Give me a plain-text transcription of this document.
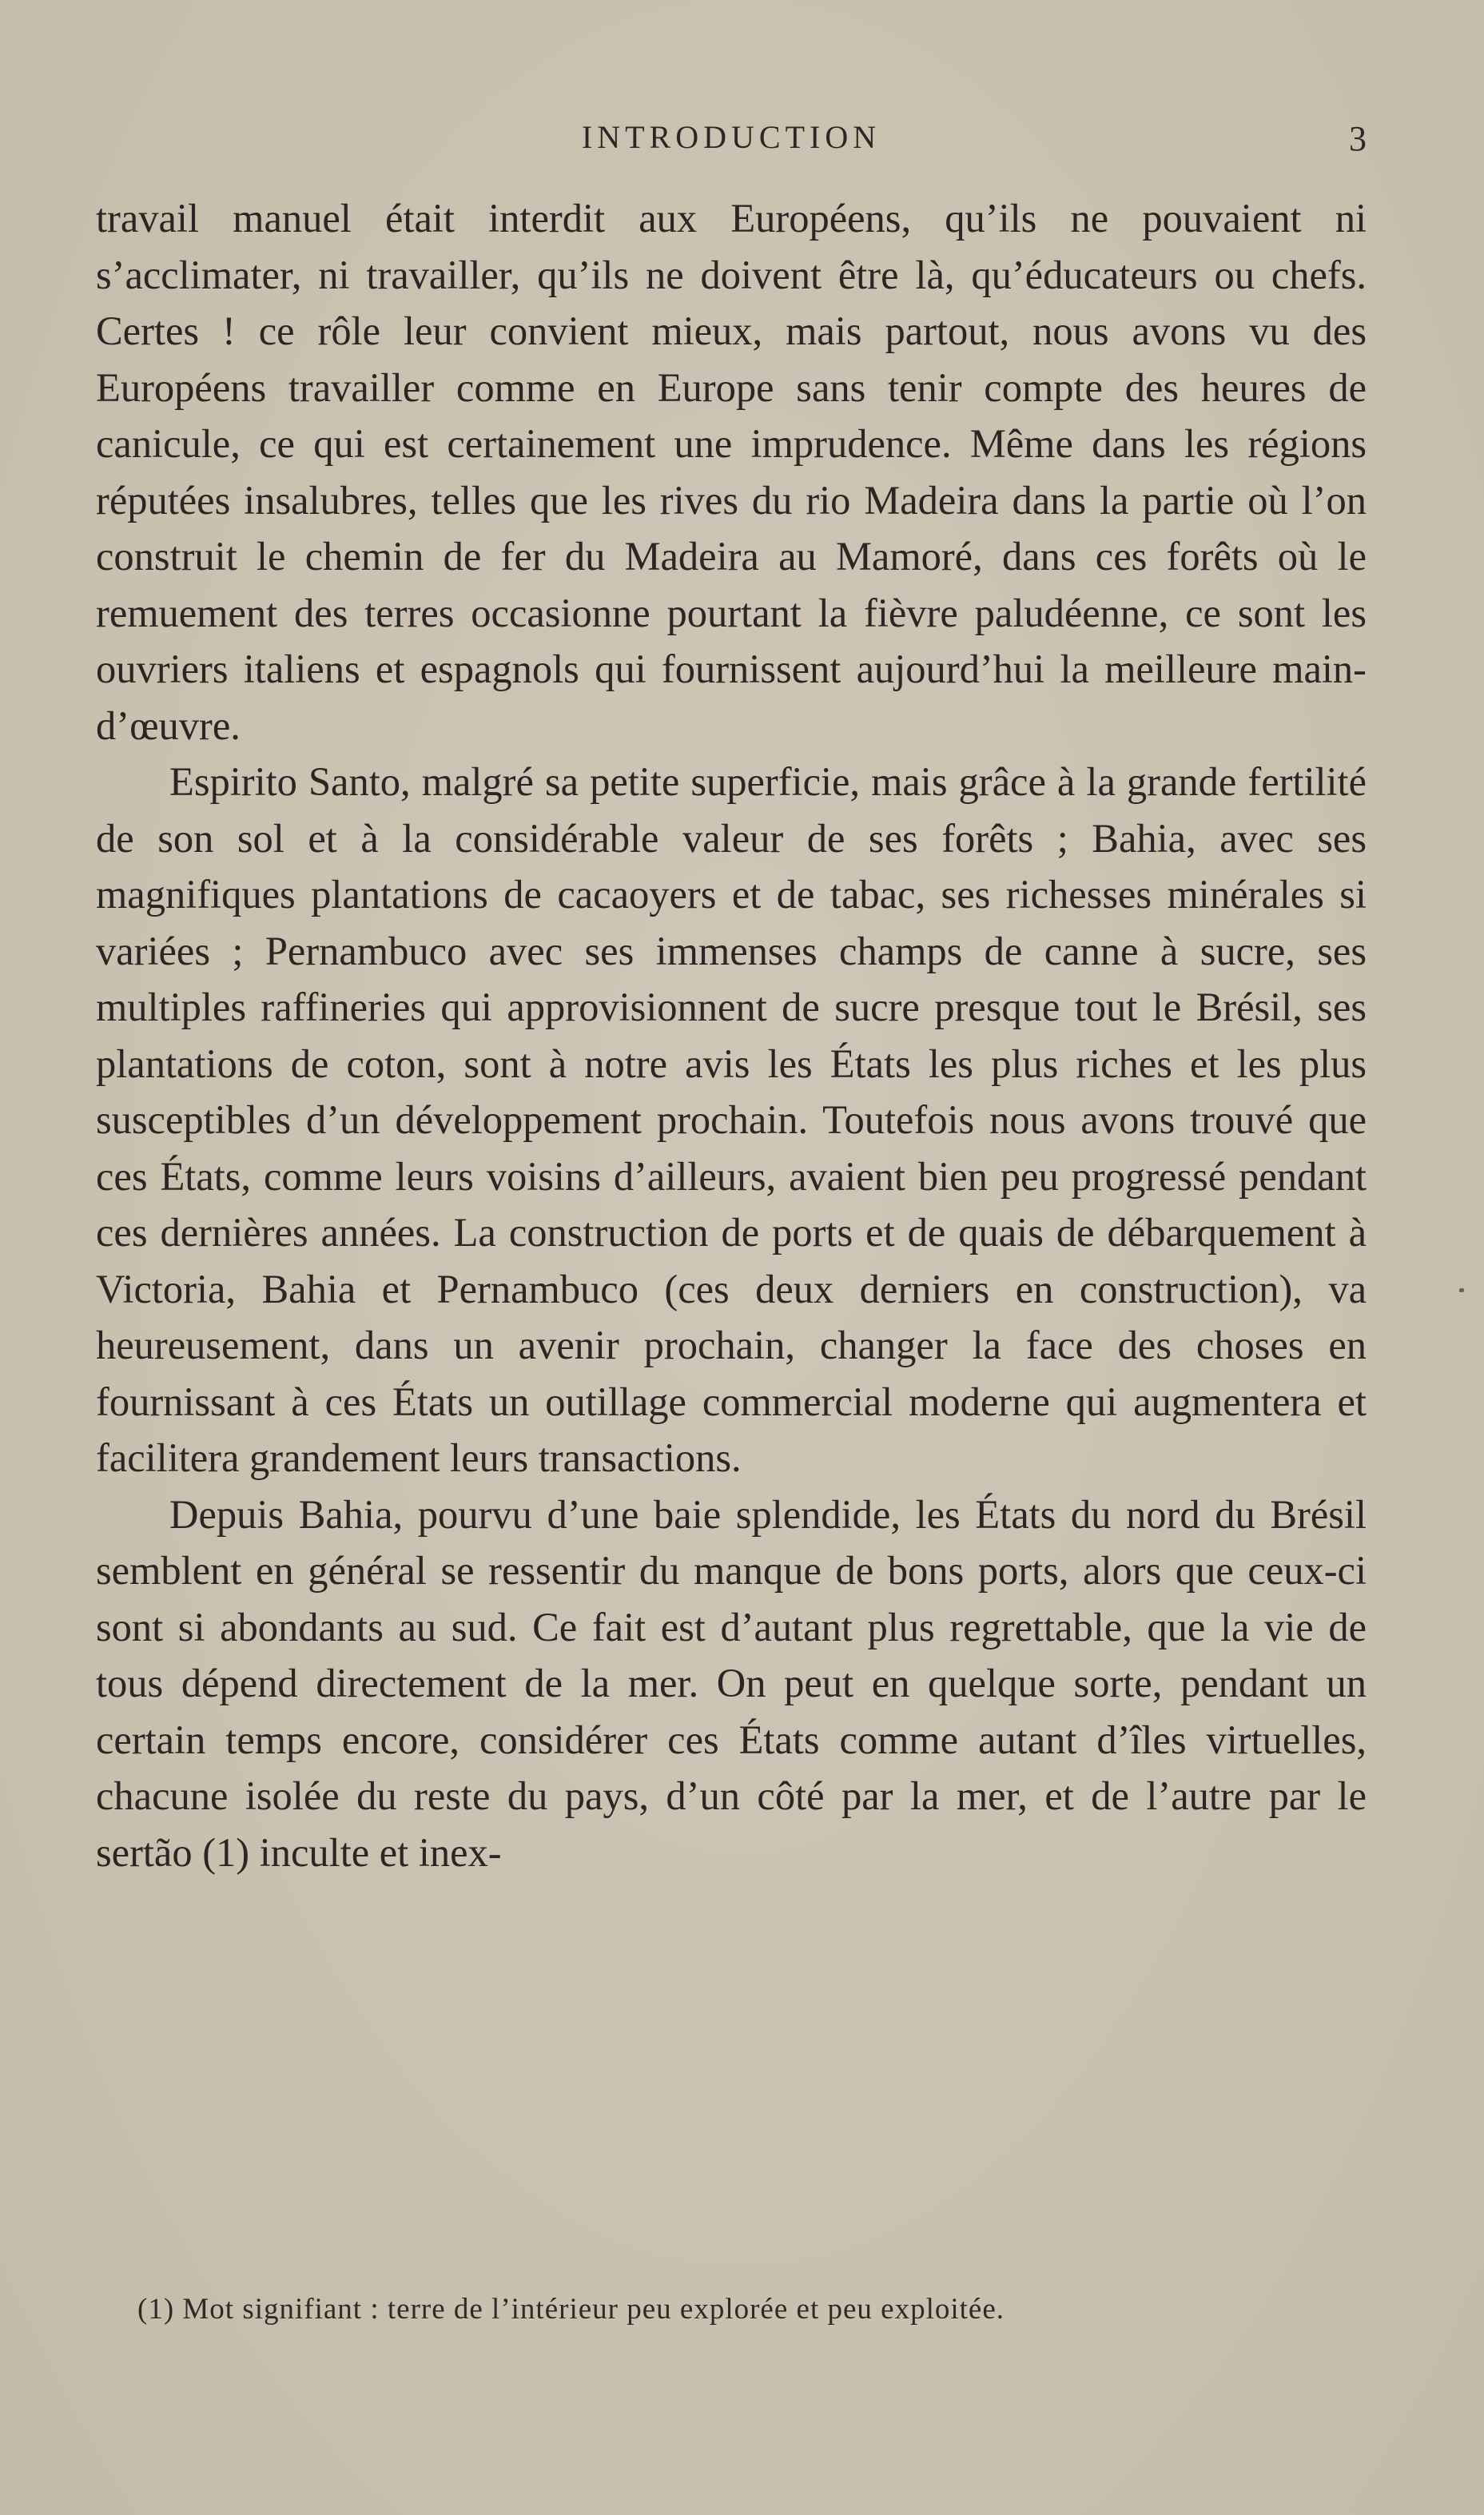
INTRODUCTION	3

travail manuel était interdit aux Européens, qu’ils ne pouvaient ni s’acclimater, ni travailler, qu’ils ne doivent être là, qu’éducateurs ou chefs. Certes ! ce rôle leur convient mieux, mais partout, nous avons vu des Européens travailler comme en Europe sans tenir compte des heures de canicule, ce qui est certainement une imprudence. Même dans les régions réputées insalubres, telles que les rives du rio Madeira dans la partie où l’on construit le chemin de fer du Madeira au Mamoré, dans ces forêts où le remuement des terres occasionne pourtant la fièvre paludéenne, ce sont les ouvriers italiens et espagnols qui fournissent aujourd’hui la meilleure main-d’œuvre.

Espirito Santo, malgré sa petite superficie, mais grâce à la grande fertilité de son sol et à la considérable valeur de ses forêts ; Bahia, avec ses magnifiques plantations de cacaoyers et de tabac, ses richesses minérales si variées ; Pernambuco avec ses immenses champs de canne à sucre, ses multiples raffineries qui approvisionnent de sucre presque tout le Brésil, ses plantations de coton, sont à notre avis les États les plus riches et les plus susceptibles d’un développement prochain. Toutefois nous avons trouvé que ces États, comme leurs voisins d’ailleurs, avaient bien peu progressé pendant ces dernières années. La construction de ports et de quais de débarquement à Victoria, Bahia et Pernambuco (ces deux derniers en construction), va heureusement, dans un avenir prochain, changer la face des choses en fournissant à ces États un outillage commercial moderne qui augmentera et facilitera grandement leurs transactions.

Depuis Bahia, pourvu d’une baie splendide, les États du nord du Brésil semblent en général se ressentir du manque de bons ports, alors que ceux-ci sont si abondants au sud. Ce fait est d’autant plus regrettable, que la vie de tous dépend directement de la mer. On peut en quelque sorte, pendant un certain temps encore, considérer ces États comme autant d’îles virtuelles, chacune isolée du reste du pays, d’un côté par la mer, et de l’autre par le sertão (1) inculte et inex-

(1) Mot signifiant : terre de l’intérieur peu explorée et peu exploitée.
